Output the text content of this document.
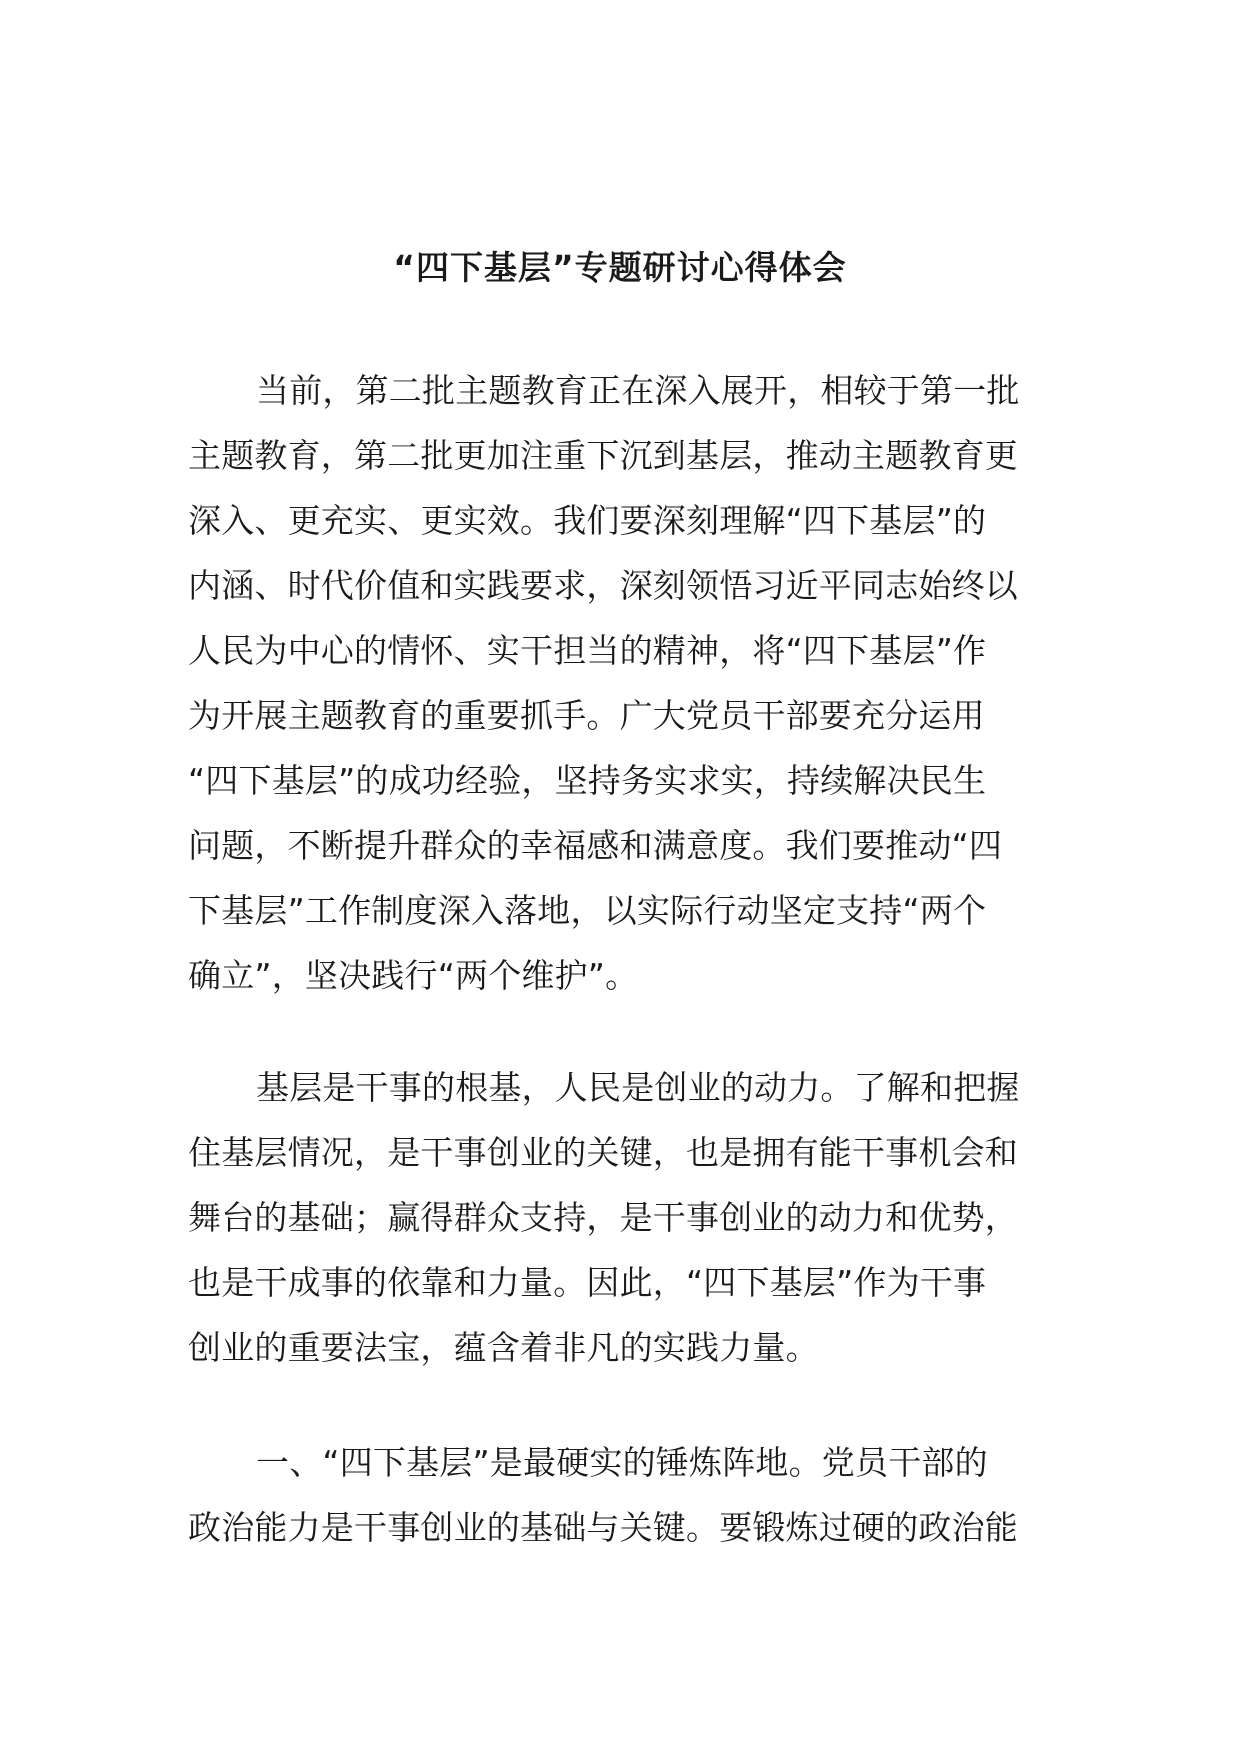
“四下基层”专题研讨心得体会
当前，第二批主题教育正在深入展开，相较于第一批
主题教育，第二批更加注重下沉到基层，推动主题教育更
深入、更充实、更实效。我们要深刻理解“四下基层”的
内涵、时代价值和实践要求，深刻领悟习近平同志始终以
人民为中心的情怀、实干担当的精神，将“四下基层”作
为开展主题教育的重要抓手。广大党员干部要充分运用
“四下基层”的成功经验，坚持务实求实，持续解决民生
问题，不断提升群众的幸福感和满意度。我们要推动“四
下基层”工作制度深入落地，以实际行动坚定支持“两个
确立”，坚决践行“两个维护”。
基层是干事的根基，人民是创业的动力。了解和把握
住基层情况，是干事创业的关键，也是拥有能干事机会和
舞台的基础；赢得群众支持，是干事创业的动力和优势，
也是干成事的依靠和力量。因此，“四下基层”作为干事
创业的重要法宝，蕴含着非凡的实践力量。
一、“四下基层”是最硬实的锤炼阵地。党员干部的
政治能力是干事创业的基础与关键。要锻炼过硬的政治能
